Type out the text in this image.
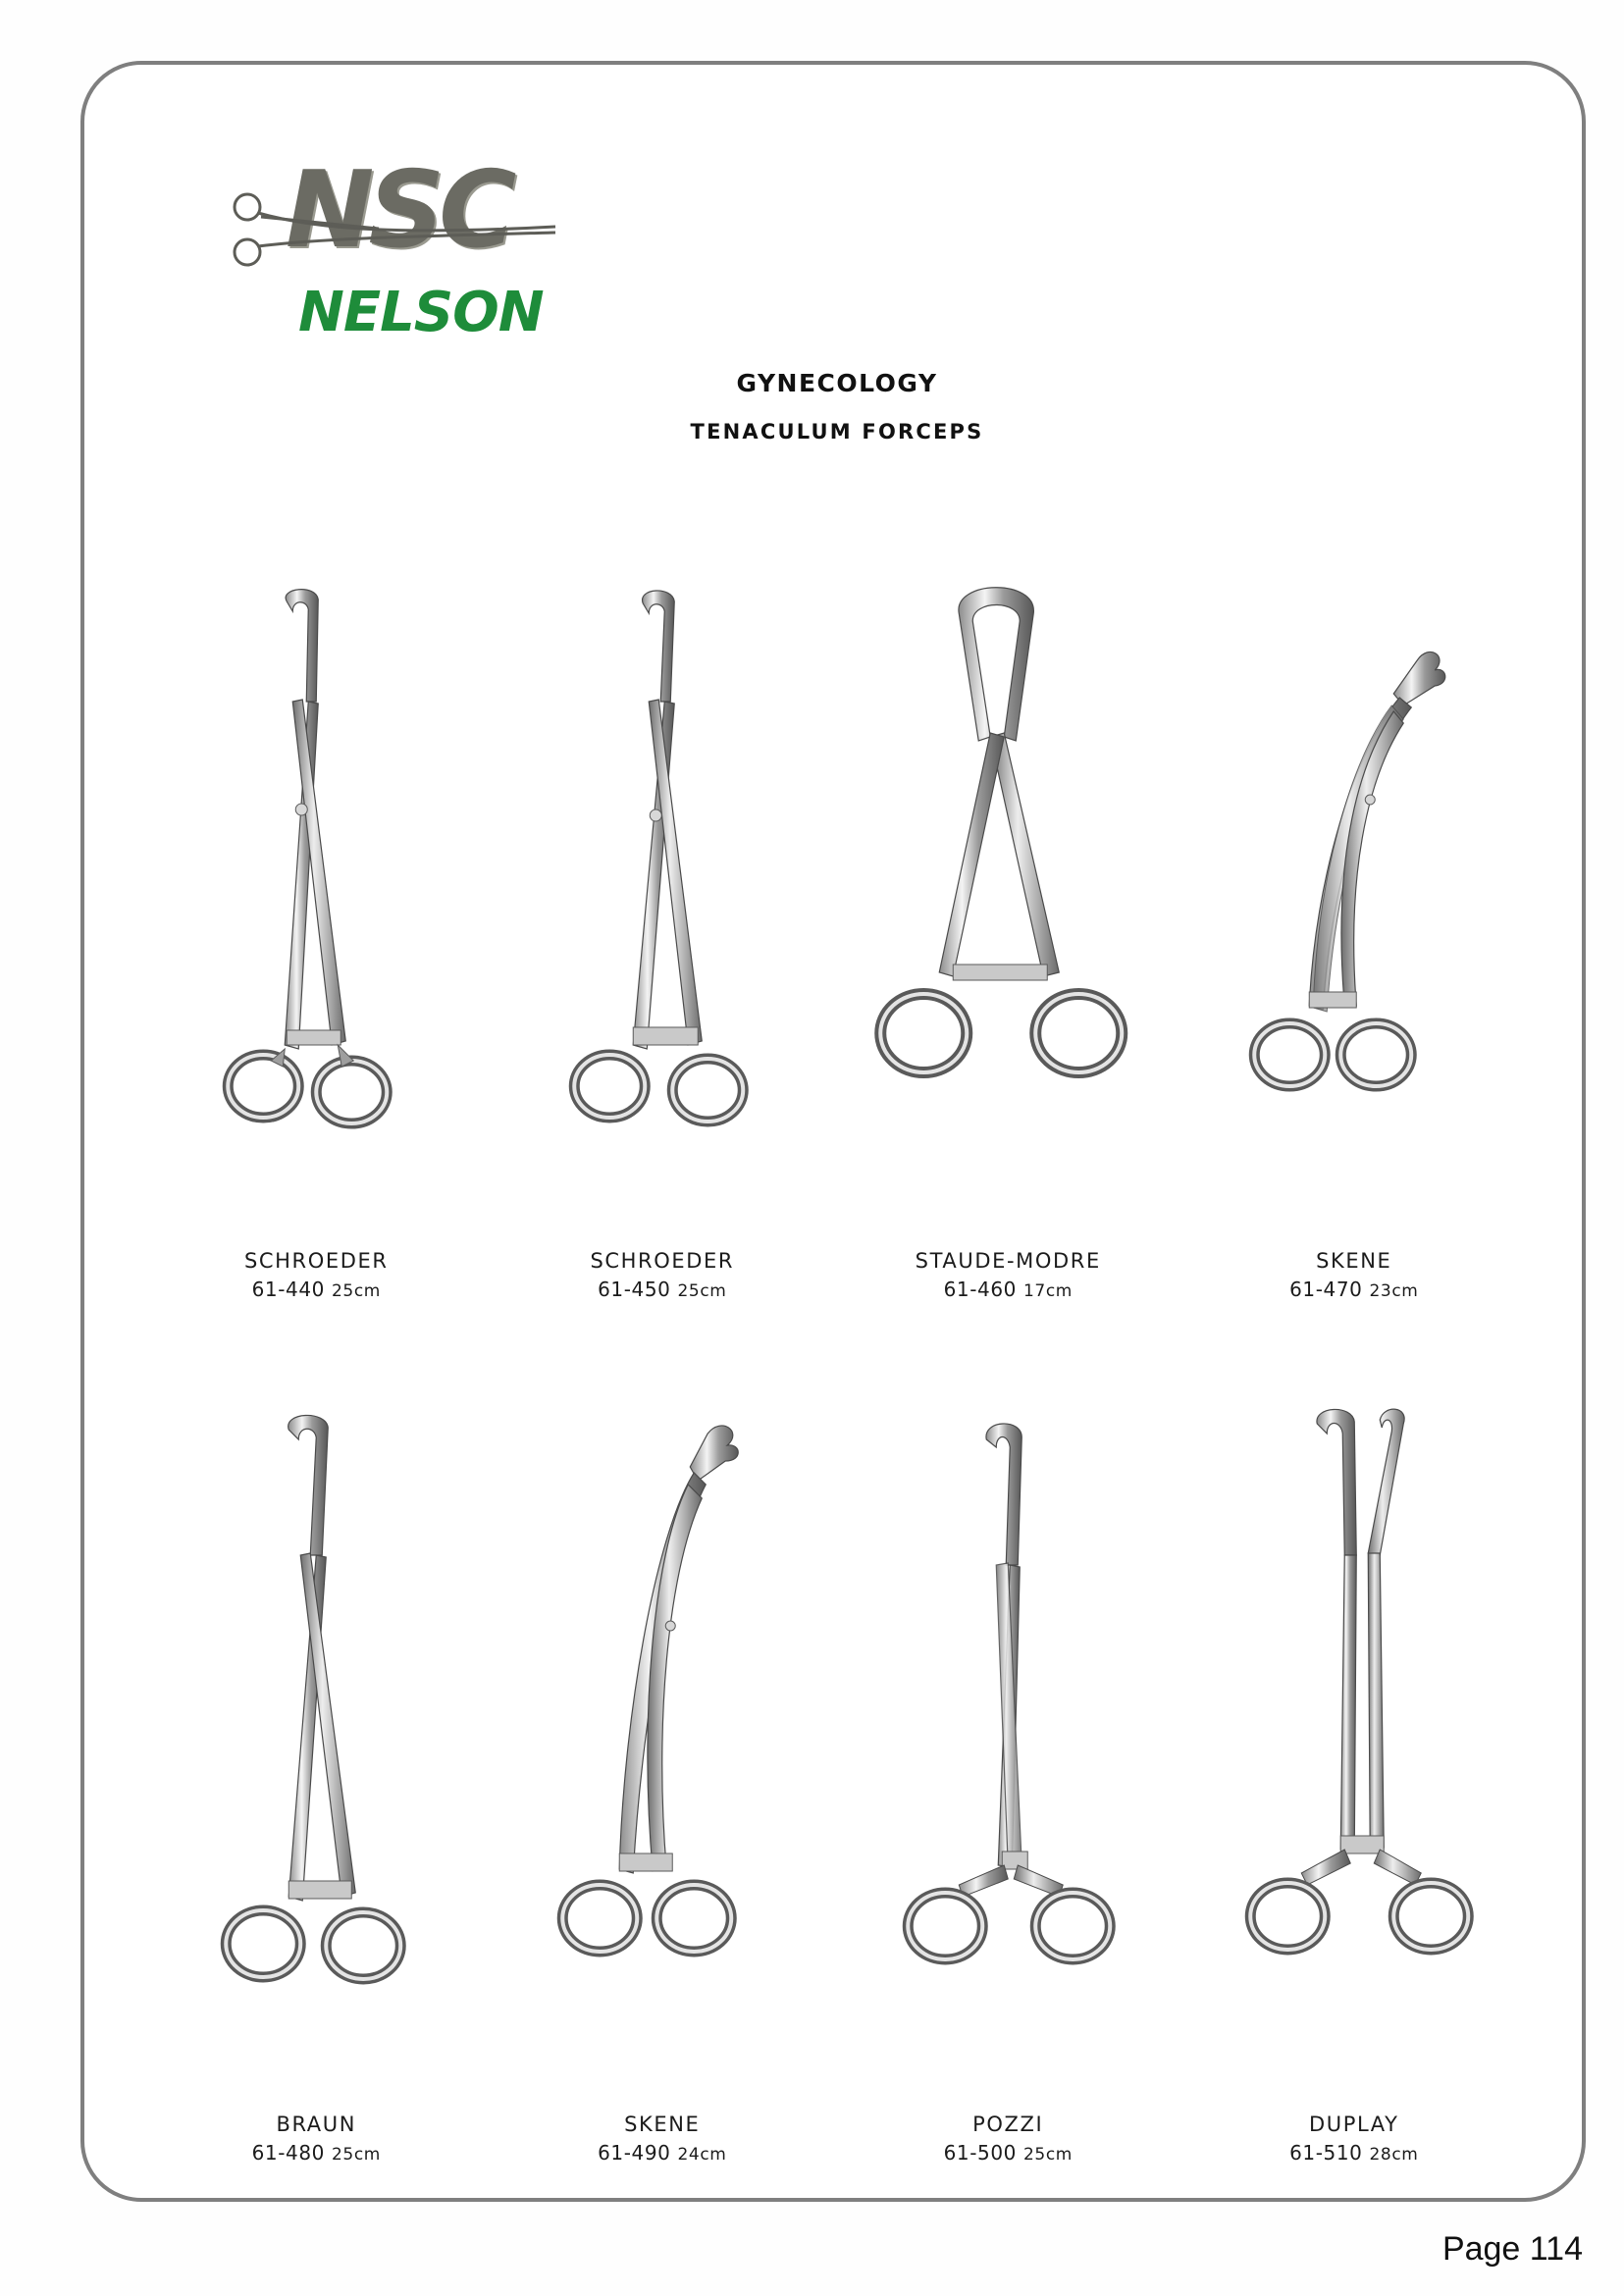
NSC
NELSON
GYNECOLOGY
TENACULUM FORCEPS
SCHROEDER
61-440 25cm
SCHROEDER
61-450 25cm
STAUDE-MODRE
61-460 17cm
SKENE
61-470 23cm
BRAUN
61-480 25cm
SKENE
61-490 24cm
POZZI
61-500 25cm
DUPLAY
61-510 28cm
Page 114
